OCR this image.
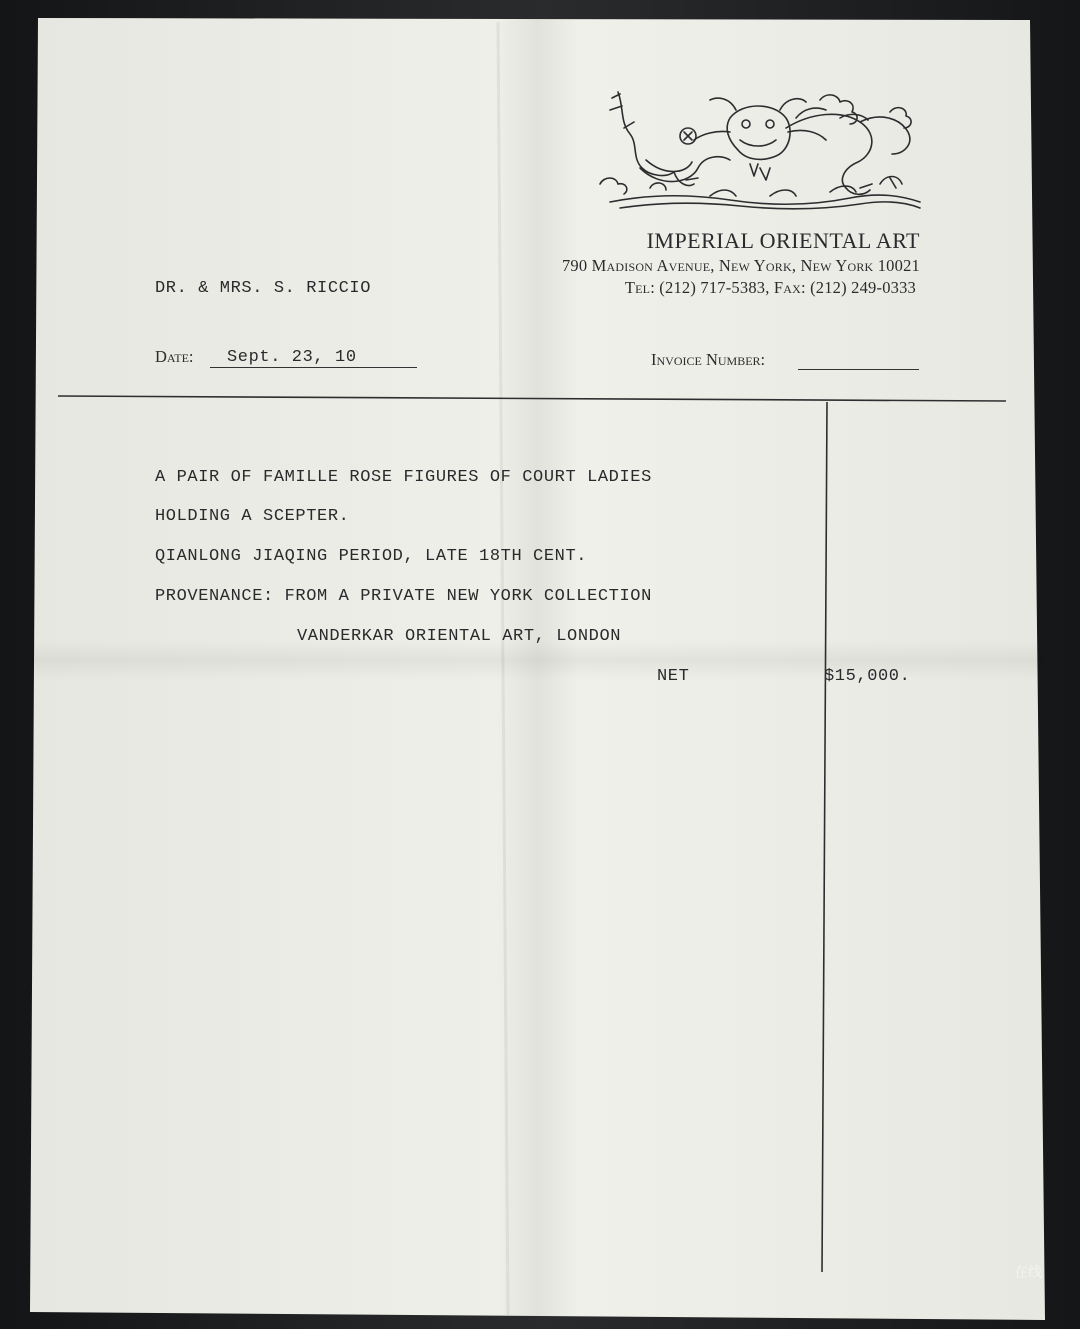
IMPERIAL ORIENTAL ART
790 Madison Avenue, New York, New York 10021
Tel: (212) 717-5383, Fax: (212) 249-0333
DR. & MRS. S. RICCIO
Date: Sept. 23, 10	Invoice Number:
A PAIR OF FAMILLE ROSE FIGURES OF COURT LADIES
HOLDING A SCEPTER.
QIANLONG JIAQING PERIOD, LATE 18TH CENT.
PROVENANCE: FROM A PRIVATE NEW YORK COLLECTION
VANDERKAR ORIENTAL ART, LONDON
NET	$15,000.
在线
